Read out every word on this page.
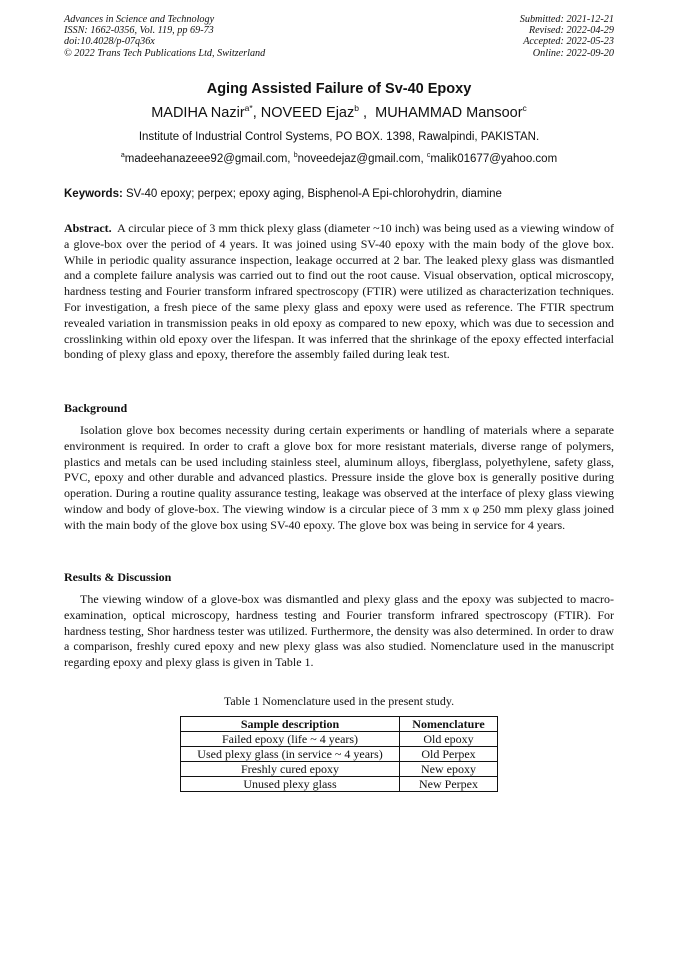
Advances in Science and Technology
ISSN: 1662-0356, Vol. 119, pp 69-73
doi:10.4028/p-07q36x
© 2022 Trans Tech Publications Ltd, Switzerland
Submitted: 2021-12-21
Revised: 2022-04-29
Accepted: 2022-05-23
Online: 2022-09-20
Aging Assisted Failure of Sv-40 Epoxy
MADIHA Nazir$^{a*}$, NOVEED Ejaz$^b$ ,  MUHAMMAD Mansoor$^c$
Institute of Industrial Control Systems, PO BOX. 1398, Rawalpindi, PAKISTAN.
$^a$madeehanazeee92@gmail.com, $^b$noveedejaz@gmail.com, $^c$malik01677@yahoo.com
Keywords: SV-40 epoxy; perpex; epoxy aging, Bisphenol-A Epi-chlorohydrin, diamine
Abstract.  A circular piece of 3 mm thick plexy glass (diameter ~10 inch) was being used as a viewing window of a glove-box over the period of 4 years. It was joined using SV-40 epoxy with the main body of the glove box. While in periodic quality assurance inspection, leakage occurred at 2 bar. The leaked plexy glass was dismantled and a complete failure analysis was carried out to find out the root cause. Visual observation, optical microscopy, hardness testing and Fourier transform infrared spectroscopy (FTIR) were utilized as characterization techniques. For investigation, a fresh piece of the same plexy glass and epoxy were used as reference. The FTIR spectrum revealed variation in transmission peaks in old epoxy as compared to new epoxy, which was due to secession and crosslinking within old epoxy over the lifespan. It was inferred that the shrinkage of the epoxy effected interfacial bonding of plexy glass and epoxy, therefore the assembly failed during leak test.
Background
Isolation glove box becomes necessity during certain experiments or handling of materials where a separate environment is required. In order to craft a glove box for more resistant materials, diverse range of polymers, plastics and metals can be used including stainless steel, aluminum alloys, fiberglass, polyethylene, safety glass, PVC, epoxy and other durable and advanced plastics. Pressure inside the glove box is generally positive during operation. During a routine quality assurance testing, leakage was observed at the interface of plexy glass viewing window and body of glove-box. The viewing window is a circular piece of 3 mm x φ 250 mm plexy glass joined with the main body of the glove box using SV-40 epoxy. The glove box was being in service for 4 years.
Results & Discussion
The viewing window of a glove-box was dismantled and plexy glass and the epoxy was subjected to macro-examination, optical microscopy, hardness testing and Fourier transform infrared spectroscopy (FTIR). For hardness testing, Shor hardness tester was utilized. Furthermore, the density was also determined. In order to draw a comparison, freshly cured epoxy and new plexy glass was also studied. Nomenclature used in the manuscript regarding epoxy and plexy glass is given in Table 1.
Table 1 Nomenclature used in the present study.
Sample description	Nomenclature
Failed epoxy (life ~ 4 years)	Old epoxy
Used plexy glass (in service ~ 4 years)	Old Perpex
Freshly cured epoxy	New epoxy
Unused plexy glass	New Perpex
